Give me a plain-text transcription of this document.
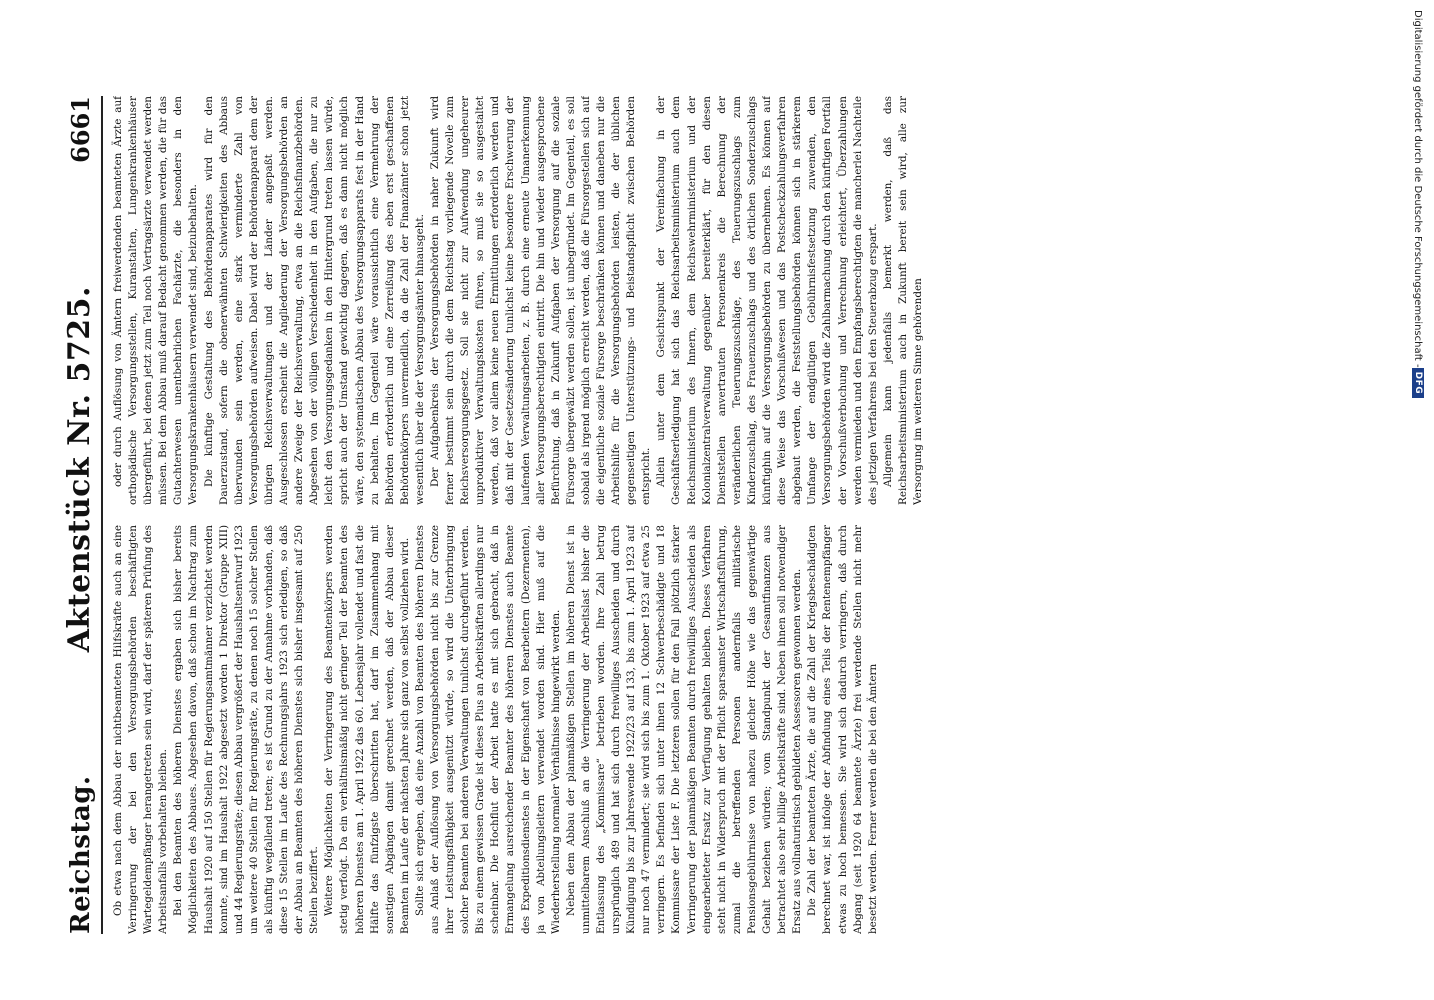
Reichstag.
Aktenstück Nr. 5725.
6661

Ob etwa nach dem Abbau der nichtbeamteten Hilfskräfte auch an eine Verringerung der bei den Versorgungsbehörden beschäftigten Wartegeldempfänger herangetreten sein wird, darf der späteren Prüfung des Arbeitsanfalls vorbehalten bleiben. Bei den Beamten des höheren Dienstes ergaben sich bisher bereits Möglichkeiten des Abbaues. Abgesehen davon, daß schon im Nachtrag zum Haushalt 1920 auf 150 Stellen für Regierungsamtmänner verzichtet werden konnte, sind im Haushalt 1922 abgesetzt worden 1 Direktor (Gruppe XIII) und 44 Regierungsräte; diesen Abbau vergrößert der Haushaltsentwurf 1923 um weitere 40 Stellen für Regierungsräte, zu denen noch 15 solcher Stellen als künftig wegfallend treten; es ist Grund zu der Annahme vorhanden, daß diese 15 Stellen im Laufe des Rechnungsjahrs 1923 sich erledigen, so daß der Abbau an Beamten des höheren Dienstes sich bisher insgesamt auf 250 Stellen beziffert. Weitere Möglichkeiten der Verringerung des Beamtenkörpers werden stetig verfolgt. Da ein verhältnismäßig nicht geringer Teil der Beamten des höheren Dienstes am 1. April 1922 das 60. Lebensjahr vollendet und fast die Hälfte das fünfzigste überschritten hat, darf im Zusammenhang mit sonstigen Abgängen damit gerechnet werden, daß der Abbau dieser Beamten im Laufe der nächsten Jahre sich ganz von selbst vollziehen wird. Sollte sich ergeben, daß eine Anzahl von Beamten des höheren Dienstes aus Anlaß der Auflösung von Versorgungsbehörden nicht bis zur Grenze ihrer Leistungsfähigkeit ausgenützt würde, so wird die Unterbringung solcher Beamten bei anderen Verwaltungen tunlichst durchgeführt werden. Bis zu einem gewissen Grade ist dieses Plus an Arbeitskräften allerdings nur scheinbar. Die Hochflut der Arbeit hatte es mit sich gebracht, daß in Ermangelung ausreichender Beamter des höheren Dienstes auch Beamte des Expeditionsdienstes in der Eigenschaft von Bearbeitern (Dezernenten), ja von Abteilungsleitern verwendet worden sind. Hier muß auf die Wiederherstellung normaler Verhältnisse hingewirkt werden. Neben dem Abbau der planmäßigen Stellen im höheren Dienst ist in unmittelbarem Anschluß an die Verringerung der Arbeitslast bisher die Entlassung des „Kommissare“ betrieben worden. Ihre Zahl betrug ursprünglich 489 und hat sich durch freiwilliges Ausscheiden und durch Kündigung bis zur Jahreswende 1922/23 auf 133, bis zum 1. April 1923 auf nur noch 47 vermindert; sie wird sich bis zum 1. Oktober 1923 auf etwa 25 verringern. Es befinden sich unter ihnen 12 Schwerbeschädigte und 18 Kommissare der Liste F. Die letzteren sollen für den Fall plötzlich starker Verringerung der planmäßigen Beamten durch freiwilliges Ausscheiden als eingearbeiteter Ersatz zur Verfügung gehalten bleiben. Dieses Verfahren steht nicht in Widerspruch mit der Pflicht sparsamster Wirtschaftsführung, zumal die betreffenden Personen andernfalls militärische Pensionsgebührnisse von nahezu gleicher Höhe wie das gegenwärtige Gehalt beziehen würden; vom Standpunkt der Gesamtfinanzen aus betrachtet also sehr billige Arbeitskräfte sind. Neben ihnen soll notwendiger Ersatz aus vollnaturistisch gebildeten Assessoren gewonnen werden. Die Zahl der beamteten Ärzte, die auf die Zahl der Kriegsbeschädigten berechnet war, ist infolge der Abfindung eines Teils der Rentenempfänger etwas zu hoch bemessen. Sie wird sich dadurch verringern, daß durch Abgang (seit 1920 64 beamtete Ärzte) frei werdende Stellen nicht mehr besetzt werden. Ferner werden die bei den Ämtern

oder durch Auflösung von Ämtern freiwerdenden beamteten Ärzte auf orthopädische Versorgungsstellen, Kuranstalten, Lungenkrankenhäuser übergeführt, bei denen jetzt zum Teil noch Vertragsärzte verwendet werden müssen. Bei dem Abbau muß darauf Bedacht genommen werden, die für das Gutachterwesen unentbehrlichen Fachärzte, die besonders in den Versorgungskrankenhäusern verwendet sind, beizubehalten. Die künftige Gestaltung des Behördenapparates wird für den Dauerzustand, sofern die obenerwähnten Schwierigkeiten des Abbaus überwunden sein werden, eine stark verminderte Zahl von Versorgungsbehörden aufweisen. Dabei wird der Behördenapparat dem der übrigen Reichsverwaltungen und der Länder angepaßt werden. Ausgeschlossen erscheint die Angliederung der Versorgungsbehörden an andere Zweige der Reichsverwaltung, etwa an die Reichsfinanzbehörden. Abgesehen von der völligen Verschiedenheit in den Aufgaben, die nur zu leicht den Versorgungsgedanken in den Hintergrund treten lassen würde, spricht auch der Umstand gewichtig dagegen, daß es dann nicht möglich wäre, den systematischen Abbau des Versorgungsapparats fest in der Hand zu behalten. Im Gegenteil wäre voraussichtlich eine Vermehrung der Behörden erforderlich und eine Zerreißung des eben erst geschaffenen Behördenkörpers unvermeidlich, da die Zahl der Finanzämter schon jetzt wesentlich über die der Versorgungsämter hinausgeht. Der Aufgabenkreis der Versorgungsbehörden in naher Zukunft wird ferner bestimmt sein durch die dem Reichstag vorliegende Novelle zum Reichsversorgungsgesetz. Soll sie nicht zur Aufwendung ungeheurer unproduktiver Verwaltungskosten führen, so muß sie so ausgestaltet werden, daß vor allem keine neuen Ermittlungen erforderlich werden und daß mit der Gesetzesänderung tunlichst keine besondere Erschwerung der laufenden Verwaltungsarbeiten, z. B. durch eine erneute Umanerkennung aller Versorgungsberechtigten eintritt. Die hin und wieder ausgesprochene Befürchtung, daß in Zukunft Aufgaben der Versorgung auf die soziale Fürsorge übergewälzt werden sollen, ist unbegründet. Im Gegenteil, es soll sobald als irgend möglich erreicht werden, daß die Fürsorgestellen sich auf die eigentliche soziale Fürsorge beschränken können und daneben nur die Arbeitshilfe für die Versorgungsbehörden leisten, die der üblichen gegenseitigen Unterstützungs- und Beistandspflicht zwischen Behörden entspricht. Allein unter dem Gesichtspunkt der Vereinfachung in der Geschäftserledigung hat sich das Reichsarbeitsministerium auch dem Reichsministerium des Innern, dem Reichswehrministerium und der Kolonialzentralverwaltung gegenüber bereiterklärt, für den diesen Dienststellen anvertrauten Personenkreis die Berechnung der veränderlichen Teuerungszuschläge, des Teuerungszuschlags zum Kinderzuschlag, des Frauenzuschlags und des örtlichen Sonderzuschlags künftighin auf die Versorgungsbehörden zu übernehmen. Es können auf diese Weise das Vorschußwesen und das Postscheckzahlungsverfahren abgebaut werden, die Feststellungsbehörden können sich in stärkerem Umfange der endgültigen Gebührnisfestsetzung zuwenden, den Versorgungsbehörden wird die Zahlbarmachung durch den künftigen Fortfall der Vorschußverbuchung und Verrechnung erleichtert, Überzahlungen werden vermieden und den Empfangsberechtigten die mancherlei Nachteile des jetzigen Verfahrens bei den Steuerabzug erspart. Allgemein kann jedenfalls bemerkt werden, daß das Reichsarbeitsministerium auch in Zukunft bereit sein wird, alle zur Versorgung im weiteren Sinne gehörenden

Digitalisierung gefördert durch die Deutsche Forschungsgemeinschaft -
DFG
